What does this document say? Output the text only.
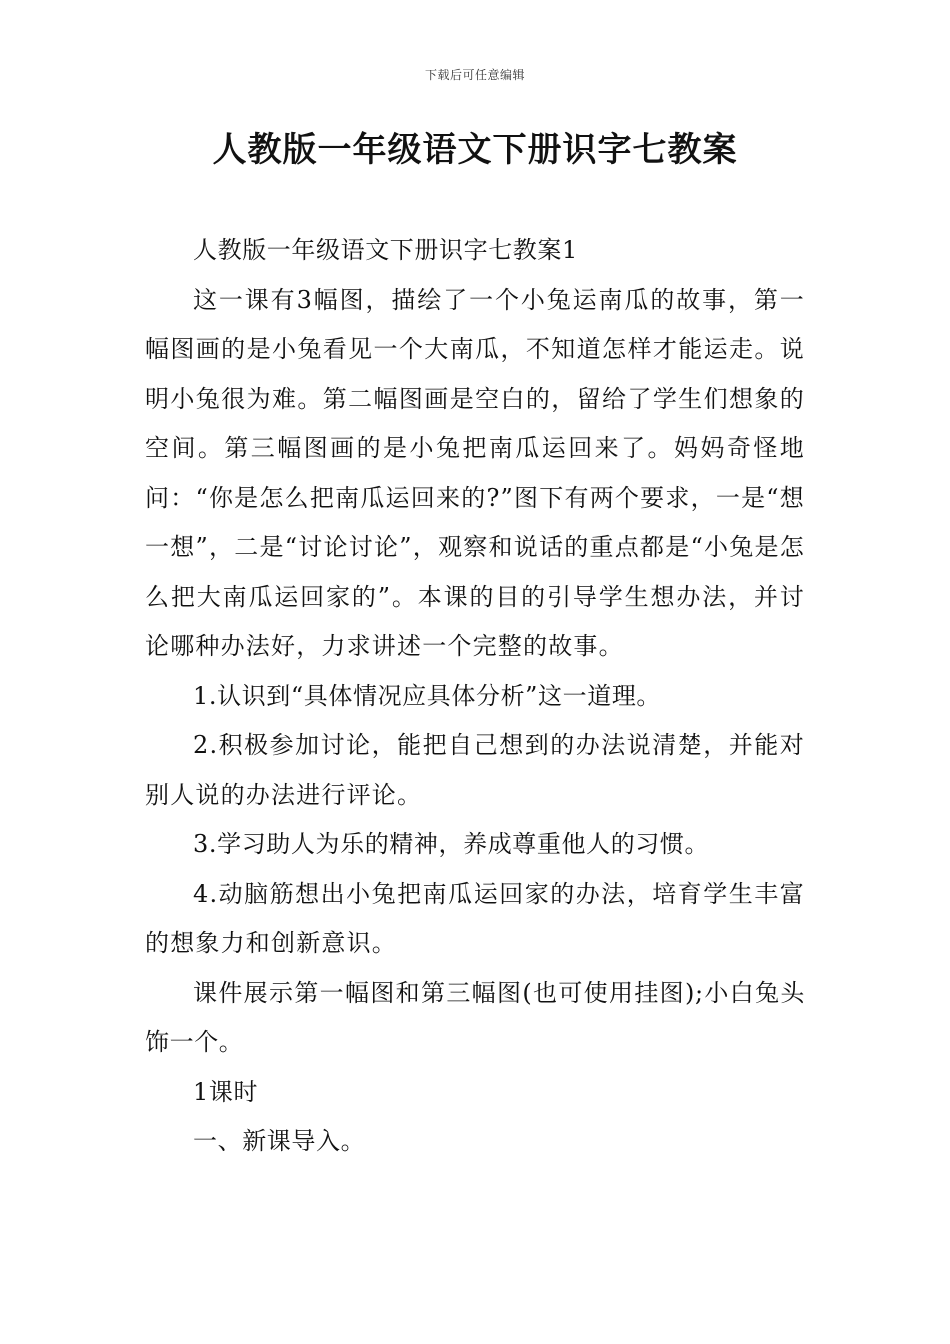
下载后可任意编辑
人教版一年级语文下册识字七教案

人教版一年级语文下册识字七教案1

这一课有3幅图，描绘了一个小兔运南瓜的故事，第一幅图画的是小兔看见一个大南瓜，不知道怎样才能运走。说明小兔很为难。第二幅图画是空白的，留给了学生们想象的空间。第三幅图画的是小兔把南瓜运回来了。妈妈奇怪地问：“你是怎么把南瓜运回来的?”图下有两个要求，一是“想一想”，二是“讨论讨论”，观察和说话的重点都是“小兔是怎么把大南瓜运回家的”。本课的目的引导学生想办法，并讨论哪种办法好，力求讲述一个完整的故事。

1.认识到“具体情况应具体分析”这一道理。

2.积极参加讨论，能把自己想到的办法说清楚，并能对别人说的办法进行评论。

3.学习助人为乐的精神，养成尊重他人的习惯。

4.动脑筋想出小兔把南瓜运回家的办法，培育学生丰富的想象力和创新意识。

课件展示第一幅图和第三幅图(也可使用挂图);小白兔头饰一个。

1课时

一、新课导入。
